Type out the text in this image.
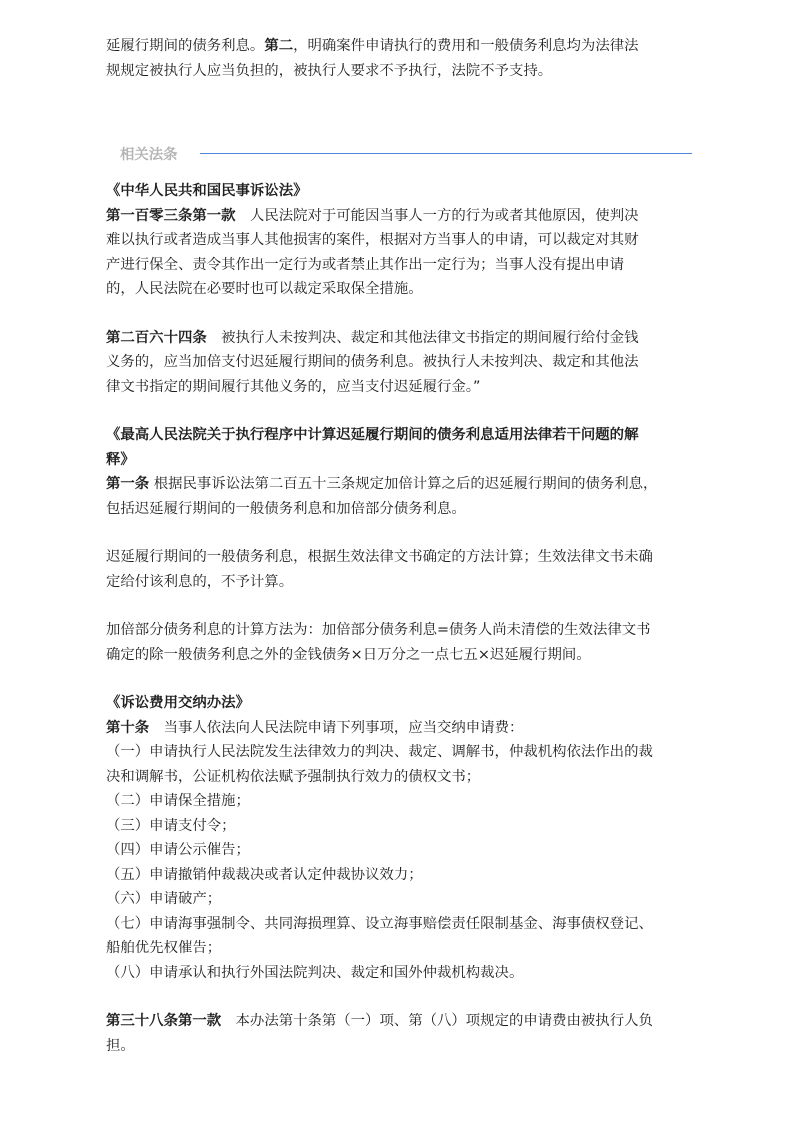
延履行期间的债务利息。第二，明确案件申请执行的费用和一般债务利息均为法律法

规规定被执行人应当负担的，被执行人要求不予执行，法院不予支持。

相关法条

《中华人民共和国民事诉讼法》

第一百零三条第一款　人民法院对于可能因当事人一方的行为或者其他原因，使判决

难以执行或者造成当事人其他损害的案件，根据对方当事人的申请，可以裁定对其财

产进行保全、责令其作出一定行为或者禁止其作出一定行为；当事人没有提出申请

的，人民法院在必要时也可以裁定采取保全措施。

第二百六十四条　被执行人未按判决、裁定和其他法律文书指定的期间履行给付金钱

义务的，应当加倍支付迟延履行期间的债务利息。被执行人未按判决、裁定和其他法

律文书指定的期间履行其他义务的，应当支付迟延履行金。”

《最高人民法院关于执行程序中计算迟延履行期间的债务利息适用法律若干问题的解

释》

第一条 根据民事诉讼法第二百五十三条规定加倍计算之后的迟延履行期间的债务利息，

包括迟延履行期间的一般债务利息和加倍部分债务利息。

迟延履行期间的一般债务利息，根据生效法律文书确定的方法计算；生效法律文书未确

定给付该利息的，不予计算。

加倍部分债务利息的计算方法为：加倍部分债务利息=债务人尚未清偿的生效法律文书

确定的除一般债务利息之外的金钱债务×日万分之一点七五×迟延履行期间。

《诉讼费用交纳办法》

第十条　当事人依法向人民法院申请下列事项，应当交纳申请费：

（一）申请执行人民法院发生法律效力的判决、裁定、调解书，仲裁机构依法作出的裁

决和调解书，公证机构依法赋予强制执行效力的债权文书；

（二）申请保全措施；

（三）申请支付令；

（四）申请公示催告；

（五）申请撤销仲裁裁决或者认定仲裁协议效力；

（六）申请破产；

（七）申请海事强制令、共同海损理算、设立海事赔偿责任限制基金、海事债权登记、

船舶优先权催告；

（八）申请承认和执行外国法院判决、裁定和国外仲裁机构裁决。

第三十八条第一款　本办法第十条第（一）项、第（八）项规定的申请费由被执行人负

担。
